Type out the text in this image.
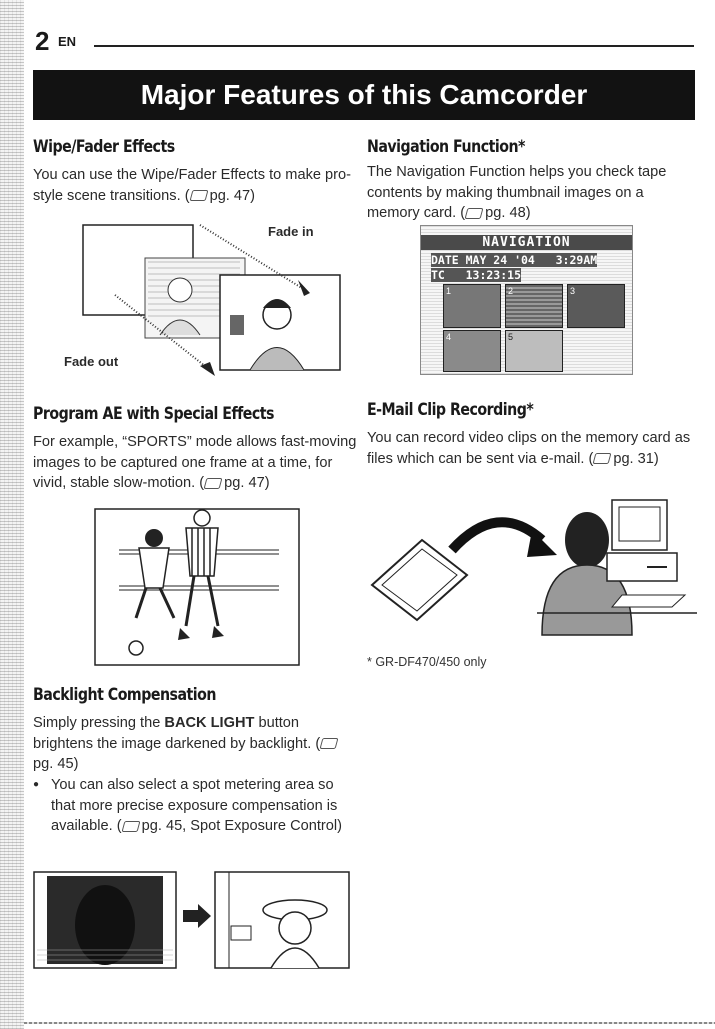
2 EN
Major Features of this Camcorder
Wipe/Fader Effects
You can use the Wipe/Fader Effects to make pro-style scene transitions. ( pg. 47)
Fade in
Fade out
Program AE with Special Effects
For example, “SPORTS” mode allows fast-moving images to be captured one frame at a time, for vivid, stable slow-motion. ( pg. 47)
Backlight Compensation
Simply pressing the BACK LIGHT button brightens the image darkened by backlight. (pg. 45)
● You can also select a spot metering area so that more precise exposure compensation is available. ( pg. 45, Spot Exposure Control)
Navigation Function*
The Navigation Function helps you check tape contents by making thumbnail images on a memory card. ( pg. 48)
NAVIGATION
DATE MAY 24 '04   3:29AM
TC   13:23:15
1	2	3
4	5
E-Mail Clip Recording*
You can record video clips on the memory card as files which can be sent via e-mail. ( pg. 31)
* GR-DF470/450 only
